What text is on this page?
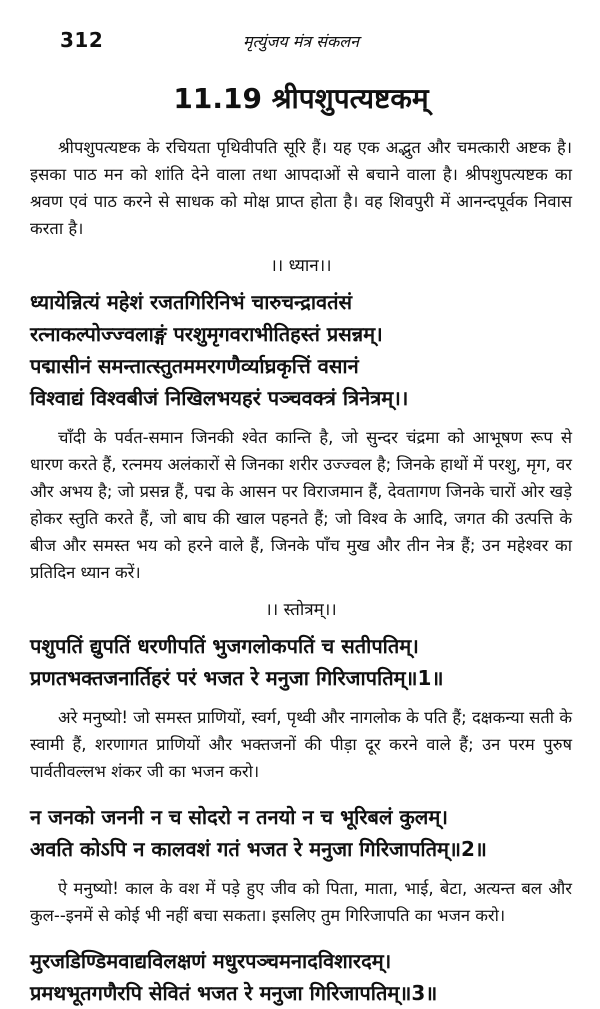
312	मृत्युंजय मंत्र संकलन
11.19 श्रीपशुपत्यष्टकम्

श्रीपशुपत्यष्टक के रचियता पृथिवीपति सूरि हैं। यह एक अद्भुत और चमत्कारी अष्टक है। इसका पाठ मन को शांति देने वाला तथा आपदाओं से बचाने वाला है। श्रीपशुपत्यष्टक का श्रवण एवं पाठ करने से साधक को मोक्ष प्राप्त होता है। वह शिवपुरी में आनन्दपूर्वक निवास करता है।

।। ध्यान।।
ध्यायेन्नित्यं महेशं रजतगिरिनिभं चारुचन्द्रावतंसं
रत्नाकल्पोज्ज्वलाङ्गं परशुमृगवराभीतिहस्तं प्रसन्नम्।
पद्मासीनं समन्तात्स्तुतममरगणैर्व्याघ्रकृत्तिं वसानं
विश्वाद्यं विश्वबीजं निखिलभयहरं पञ्चवक्त्रं त्रिनेत्रम्।।

चाँदी के पर्वत-समान जिनकी श्वेत कान्ति है, जो सुन्दर चंद्रमा को आभूषण रूप से धारण करते हैं, रत्नमय अलंकारों से जिनका शरीर उज्ज्वल है; जिनके हाथों में परशु, मृग, वर और अभय है; जो प्रसन्न हैं, पद्म के आसन पर विराजमान हैं, देवतागण जिनके चारों ओर खड़े होकर स्तुति करते हैं, जो बाघ की खाल पहनते हैं; जो विश्व के आदि, जगत की उत्पत्ति के बीज और समस्त भय को हरने वाले हैं, जिनके पाँच मुख और तीन नेत्र हैं; उन महेश्वर का प्रतिदिन ध्यान करें।

।। स्तोत्रम्।।
पशुपतिं द्युपतिं धरणीपतिं भुजगलोकपतिं च सतीपतिम्।
प्रणतभक्तजनार्तिहरं परं भजत रे मनुजा गिरिजापतिम्॥1॥

अरे मनुष्यो! जो समस्त प्राणियों, स्वर्ग, पृथ्वी और नागलोक के पति हैं; दक्षकन्या सती के स्वामी हैं, शरणागत प्राणियों और भक्तजनों की पीड़ा दूर करने वाले हैं; उन परम पुरुष पार्वतीवल्लभ शंकर जी का भजन करो।

न जनको जननी न च सोदरो न तनयो न च भूरिबलं कुलम्।
अवति कोऽपि न कालवशं गतं भजत रे मनुजा गिरिजापतिम्॥2॥

ऐ मनुष्यो! काल के वश में पड़े हुए जीव को पिता, माता, भाई, बेटा, अत्यन्त बल और कुल--इनमें से कोई भी नहीं बचा सकता। इसलिए तुम गिरिजापति का भजन करो।

मुरजडिण्डिमवाद्यविलक्षणं मधुरपञ्चमनादविशारदम्।
प्रमथभूतगणैरपि सेवितं भजत रे मनुजा गिरिजापतिम्॥3॥
